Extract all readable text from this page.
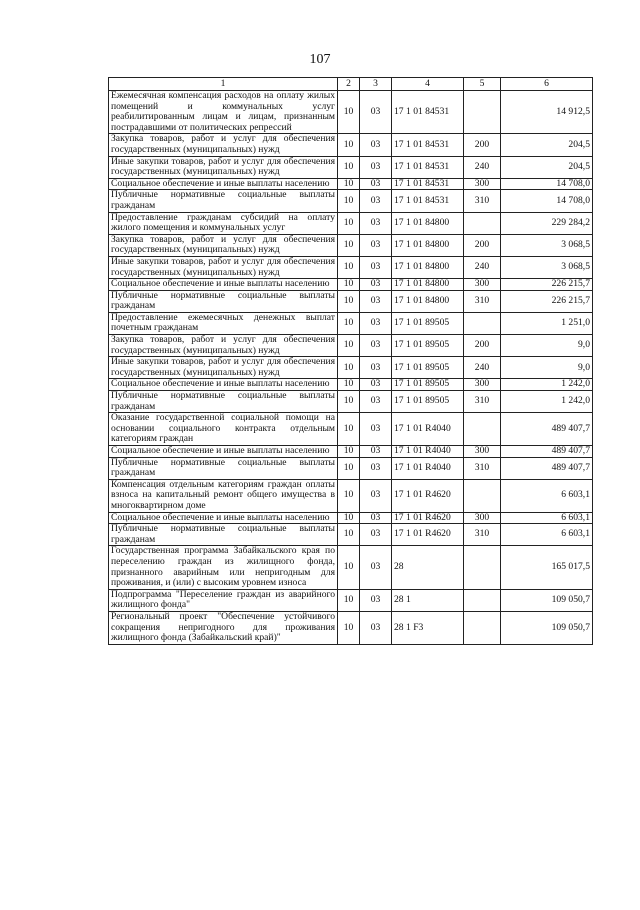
107
1	2	3	4	5	6
Ежемесячная компенсация расходов на оплату жилых помещений и коммунальных услуг реабилитированным лицам и лицам, признанным пострадавшими от политических репрессий	10	03	17 1 01 84531		14 912,5
Закупка товаров, работ и услуг для обеспечения государственных (муниципальных) нужд	10	03	17 1 01 84531	200	204,5
Иные закупки товаров, работ и услуг для обеспечения государственных (муниципальных) нужд	10	03	17 1 01 84531	240	204,5
Социальное обеспечение и иные выплаты населению	10	03	17 1 01 84531	300	14 708,0
Публичные нормативные социальные выплаты гражданам	10	03	17 1 01 84531	310	14 708,0
Предоставление гражданам субсидий на оплату жилого помещения и коммунальных услуг	10	03	17 1 01 84800		229 284,2
Закупка товаров, работ и услуг для обеспечения государственных (муниципальных) нужд	10	03	17 1 01 84800	200	3 068,5
Иные закупки товаров, работ и услуг для обеспечения государственных (муниципальных) нужд	10	03	17 1 01 84800	240	3 068,5
Социальное обеспечение и иные выплаты населению	10	03	17 1 01 84800	300	226 215,7
Публичные нормативные социальные выплаты гражданам	10	03	17 1 01 84800	310	226 215,7
Предоставление ежемесячных денежных выплат почетным гражданам	10	03	17 1 01 89505		1 251,0
Закупка товаров, работ и услуг для обеспечения государственных (муниципальных) нужд	10	03	17 1 01 89505	200	9,0
Иные закупки товаров, работ и услуг для обеспечения государственных (муниципальных) нужд	10	03	17 1 01 89505	240	9,0
Социальное обеспечение и иные выплаты населению	10	03	17 1 01 89505	300	1 242,0
Публичные нормативные социальные выплаты гражданам	10	03	17 1 01 89505	310	1 242,0
Оказание государственной социальной помощи на основании социального контракта отдельным категориям граждан	10	03	17 1 01 R4040		489 407,7
Социальное обеспечение и иные выплаты населению	10	03	17 1 01 R4040	300	489 407,7
Публичные нормативные социальные выплаты гражданам	10	03	17 1 01 R4040	310	489 407,7
Компенсация отдельным категориям граждан оплаты взноса на капитальный ремонт общего имущества в многоквартирном доме	10	03	17 1 01 R4620		6 603,1
Социальное обеспечение и иные выплаты населению	10	03	17 1 01 R4620	300	6 603,1
Публичные нормативные социальные выплаты гражданам	10	03	17 1 01 R4620	310	6 603,1
Государственная программа Забайкальского края по переселению граждан из жилищного фонда, признанного аварийным или непригодным для проживания, и (или) с высоким уровнем износа	10	03	28		165 017,5
Подпрограмма "Переселение граждан из аварийного жилищного фонда"	10	03	28 1		109 050,7
Региональный проект "Обеспечение устойчивого сокращения непригодного для проживания жилищного фонда (Забайкальский край)"	10	03	28 1 F3		109 050,7
